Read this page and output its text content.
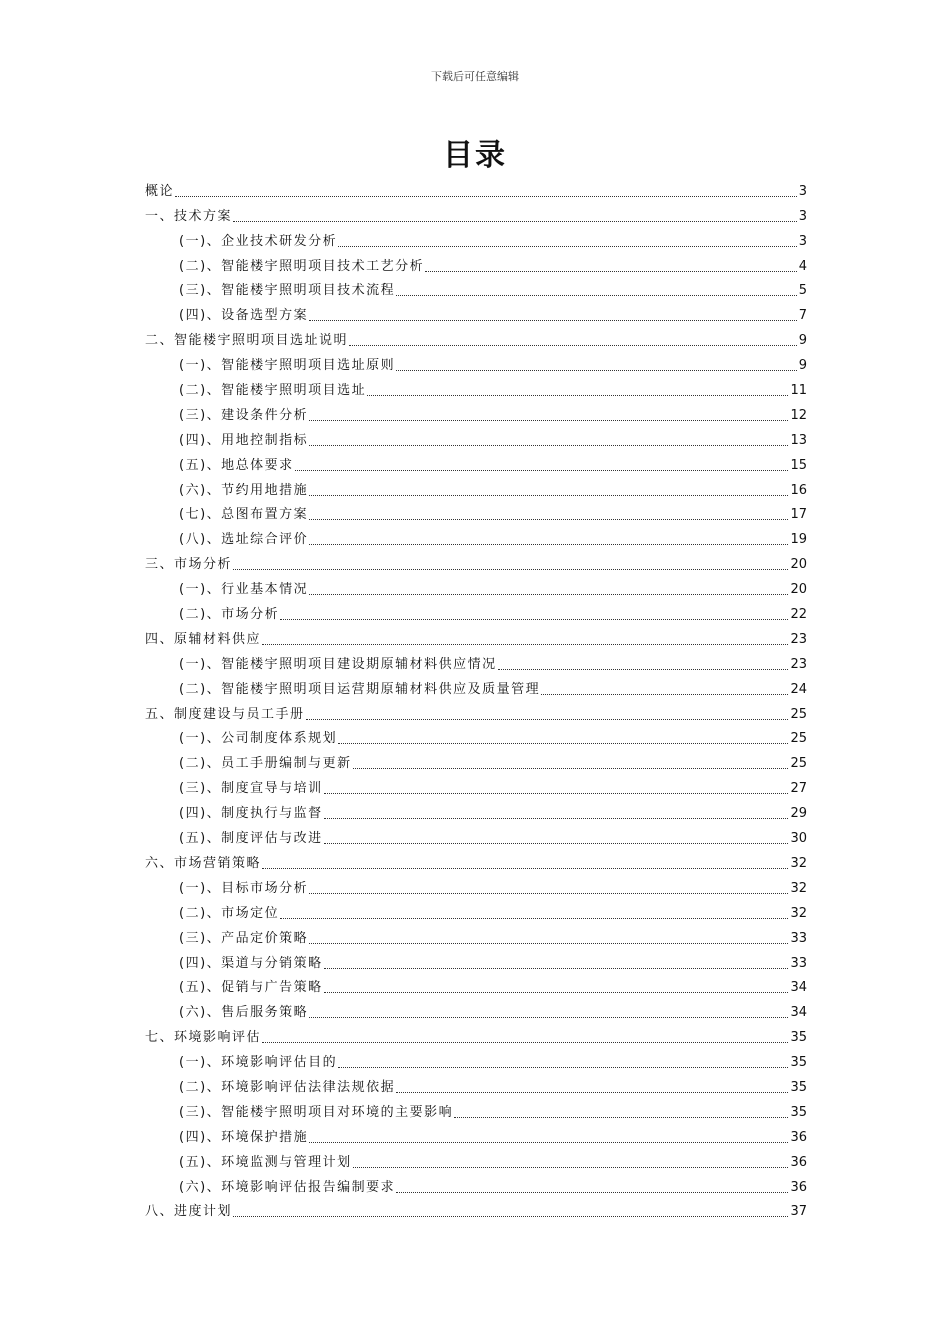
下载后可任意编辑
目录
概论	3
一、技术方案	3
(一)、企业技术研发分析	3
(二)、智能楼宇照明项目技术工艺分析	4
(三)、智能楼宇照明项目技术流程	5
(四)、设备选型方案	7
二、智能楼宇照明项目选址说明	9
(一)、智能楼宇照明项目选址原则	9
(二)、智能楼宇照明项目选址	11
(三)、建设条件分析	12
(四)、用地控制指标	13
(五)、地总体要求	15
(六)、节约用地措施	16
(七)、总图布置方案	17
(八)、选址综合评价	19
三、市场分析	20
(一)、行业基本情况	20
(二)、市场分析	22
四、原辅材料供应	23
(一)、智能楼宇照明项目建设期原辅材料供应情况	23
(二)、智能楼宇照明项目运营期原辅材料供应及质量管理	24
五、制度建设与员工手册	25
(一)、公司制度体系规划	25
(二)、员工手册编制与更新	25
(三)、制度宣导与培训	27
(四)、制度执行与监督	29
(五)、制度评估与改进	30
六、市场营销策略	32
(一)、目标市场分析	32
(二)、市场定位	32
(三)、产品定价策略	33
(四)、渠道与分销策略	33
(五)、促销与广告策略	34
(六)、售后服务策略	34
七、环境影响评估	35
(一)、环境影响评估目的	35
(二)、环境影响评估法律法规依据	35
(三)、智能楼宇照明项目对环境的主要影响	35
(四)、环境保护措施	36
(五)、环境监测与管理计划	36
(六)、环境影响评估报告编制要求	36
八、进度计划	37
